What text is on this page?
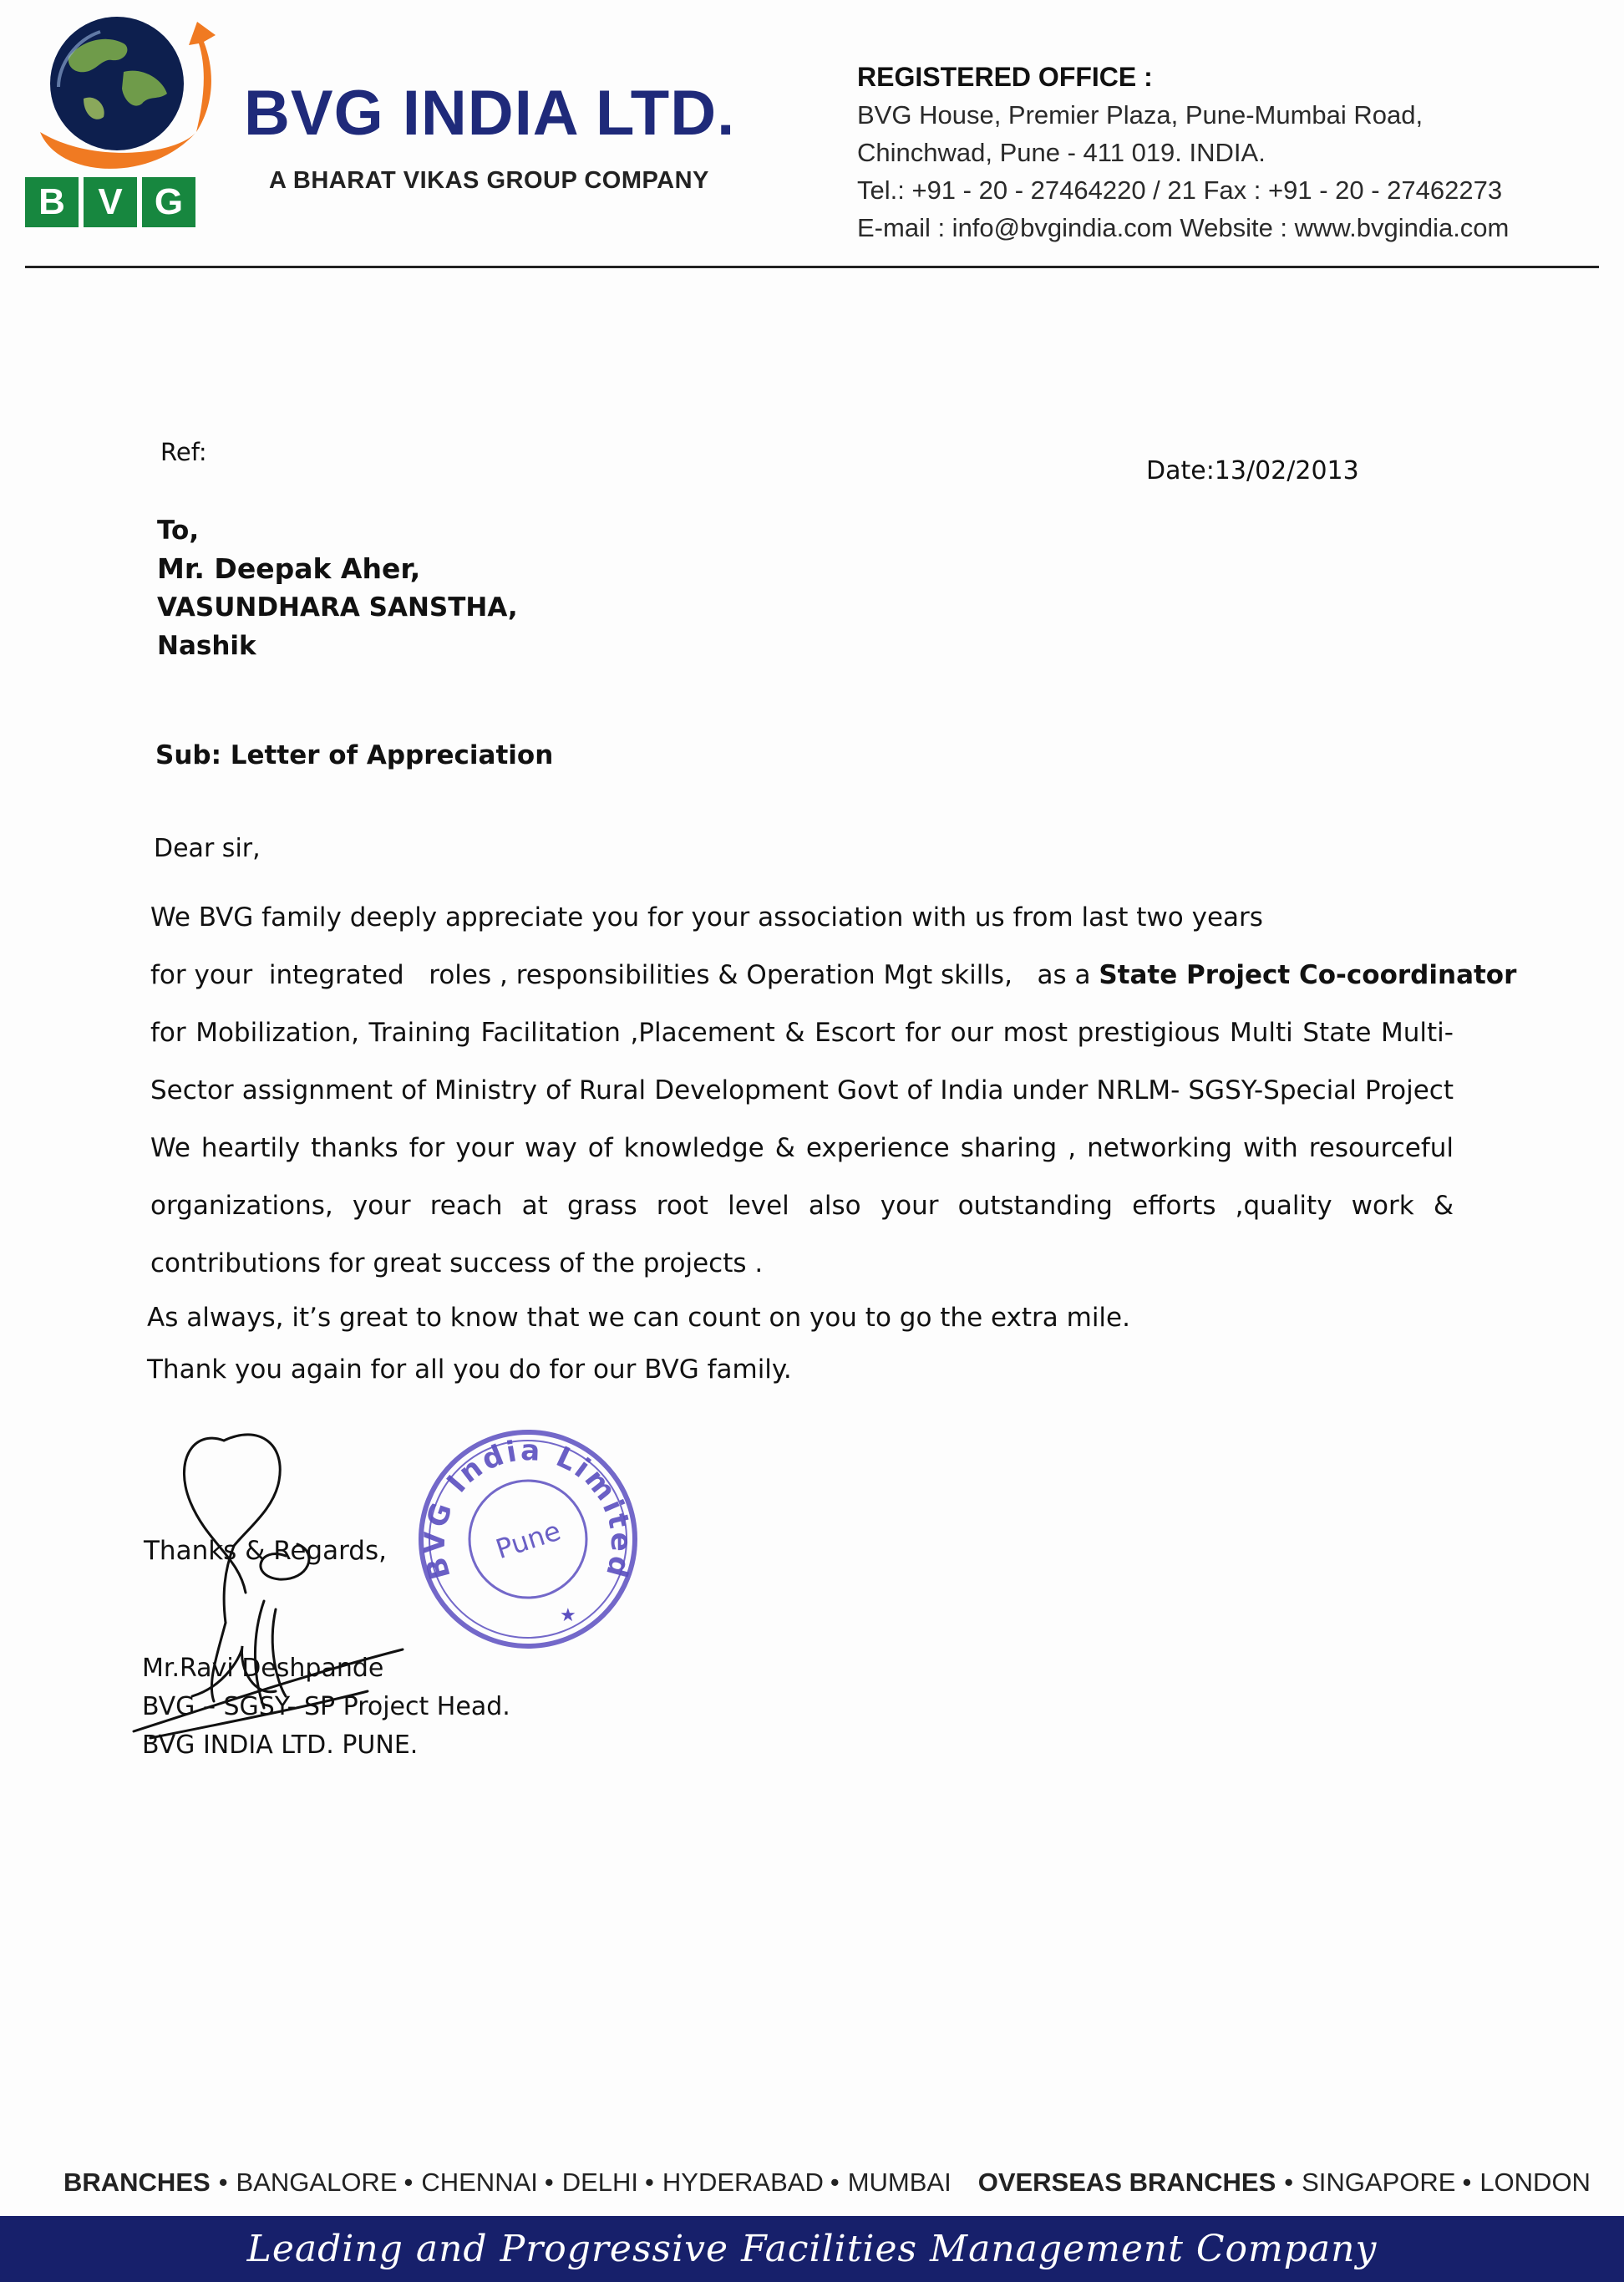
B V G
BVG INDIA LTD.
A BHARAT VIKAS GROUP COMPANY
REGISTERED OFFICE :
BVG House, Premier Plaza, Pune-Mumbai Road,
Chinchwad, Pune - 411 019. INDIA.
Tel.: +91 - 20 - 27464220 / 21 Fax : +91 - 20 - 27462273
E-mail : info@bvgindia.com Website : www.bvgindia.com
Ref:
Date:13/02/2013
To,
Mr. Deepak Aher,
VASUNDHARA SANSTHA,
Nashik
Sub: Letter of Appreciation
Dear sir,
We BVG family deeply appreciate you for your association with us from last two years
for your  integrated   roles , responsibilities & Operation Mgt skills,   as a State Project Co-coordinator
for Mobilization, Training Facilitation ,Placement & Escort for our most prestigious Multi State Multi-
Sector assignment of Ministry of Rural Development Govt of India under NRLM- SGSY-Special Project
We heartily thanks for your way of knowledge & experience sharing , networking with resourceful
organizations, your reach at grass root level also your outstanding efforts ,quality work &
contributions for great success of the projects .
As always, it’s great to know that we can count on you to go the extra mile.
Thank you again for all you do for our BVG family.
Thanks & Regards,
Mr.Ravi Deshpande
BVG – SGSY- SP Project Head.
BVG INDIA LTD. PUNE.
BVG India Limited
Pune
★
BRANCHES • BANGALORE • CHENNAI • DELHI • HYDERABAD • MUMBAI OVERSEAS BRANCHES • SINGAPORE • LONDON
Leading and Progressive Facilities Management Company
